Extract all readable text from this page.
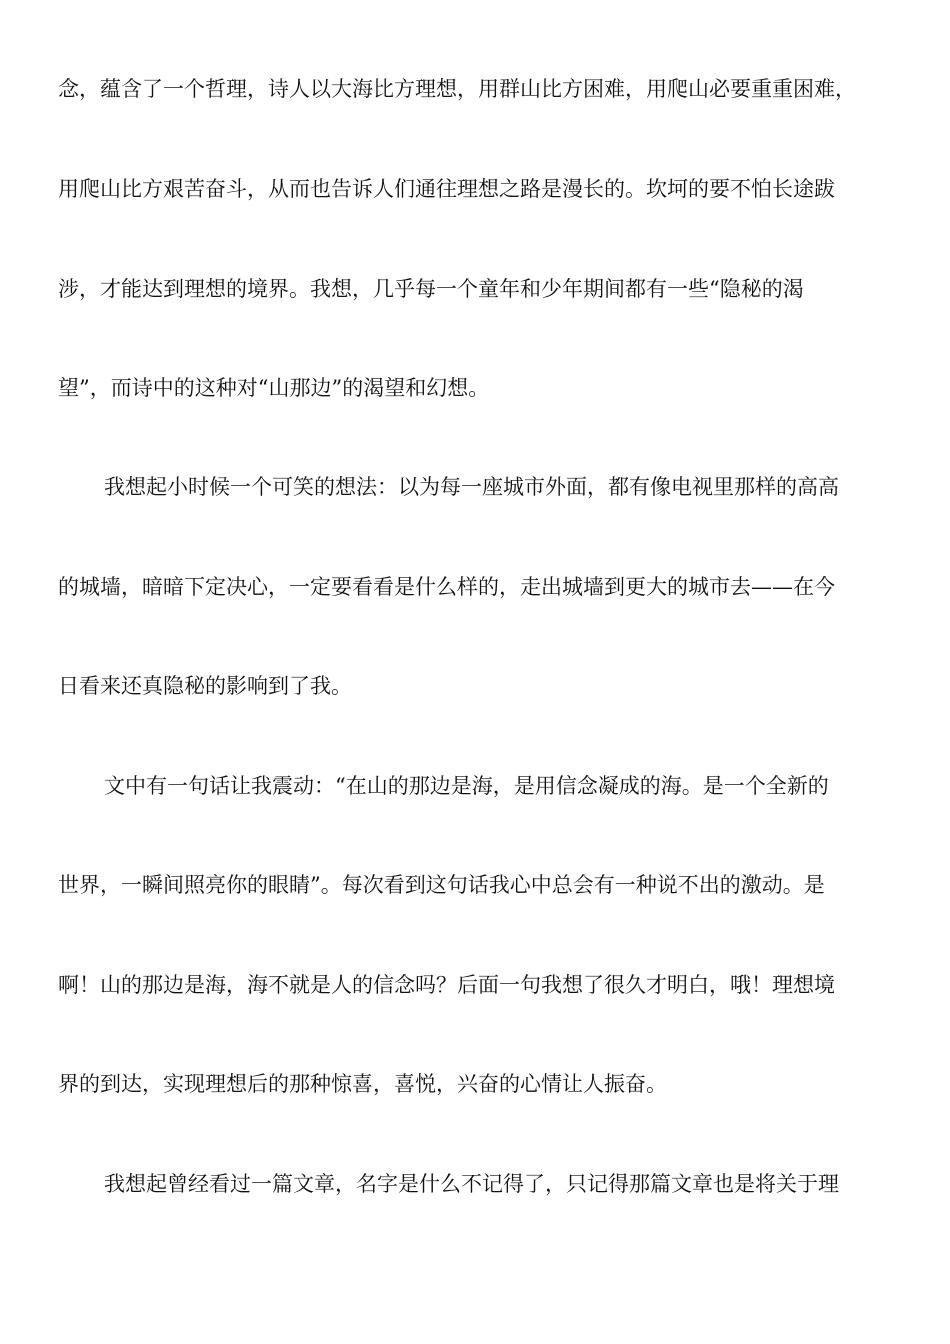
念，蕴含了一个哲理，诗人以大海比方理想，用群山比方困难，用爬山必要重重困难，
用爬山比方艰苦奋斗，从而也告诉人们通往理想之路是漫长的。坎坷的要不怕长途跋
涉，才能达到理想的境界。我想，几乎每一个童年和少年期间都有一些“隐秘的渴
望”，而诗中的这种对“山那边”的渴望和幻想。
我想起小时候一个可笑的想法：以为每一座城市外面，都有像电视里那样的高高
的城墙，暗暗下定决心，一定要看看是什么样的，走出城墙到更大的城市去——在今
日看来还真隐秘的影响到了我。
文中有一句话让我震动：“在山的那边是海，是用信念凝成的海。是一个全新的
世界，一瞬间照亮你的眼睛”。每次看到这句话我心中总会有一种说不出的激动。是
啊！山的那边是海，海不就是人的信念吗？后面一句我想了很久才明白，哦！理想境
界的到达，实现理想后的那种惊喜，喜悦，兴奋的心情让人振奋。
我想起曾经看过一篇文章，名字是什么不记得了，只记得那篇文章也是将关于理
